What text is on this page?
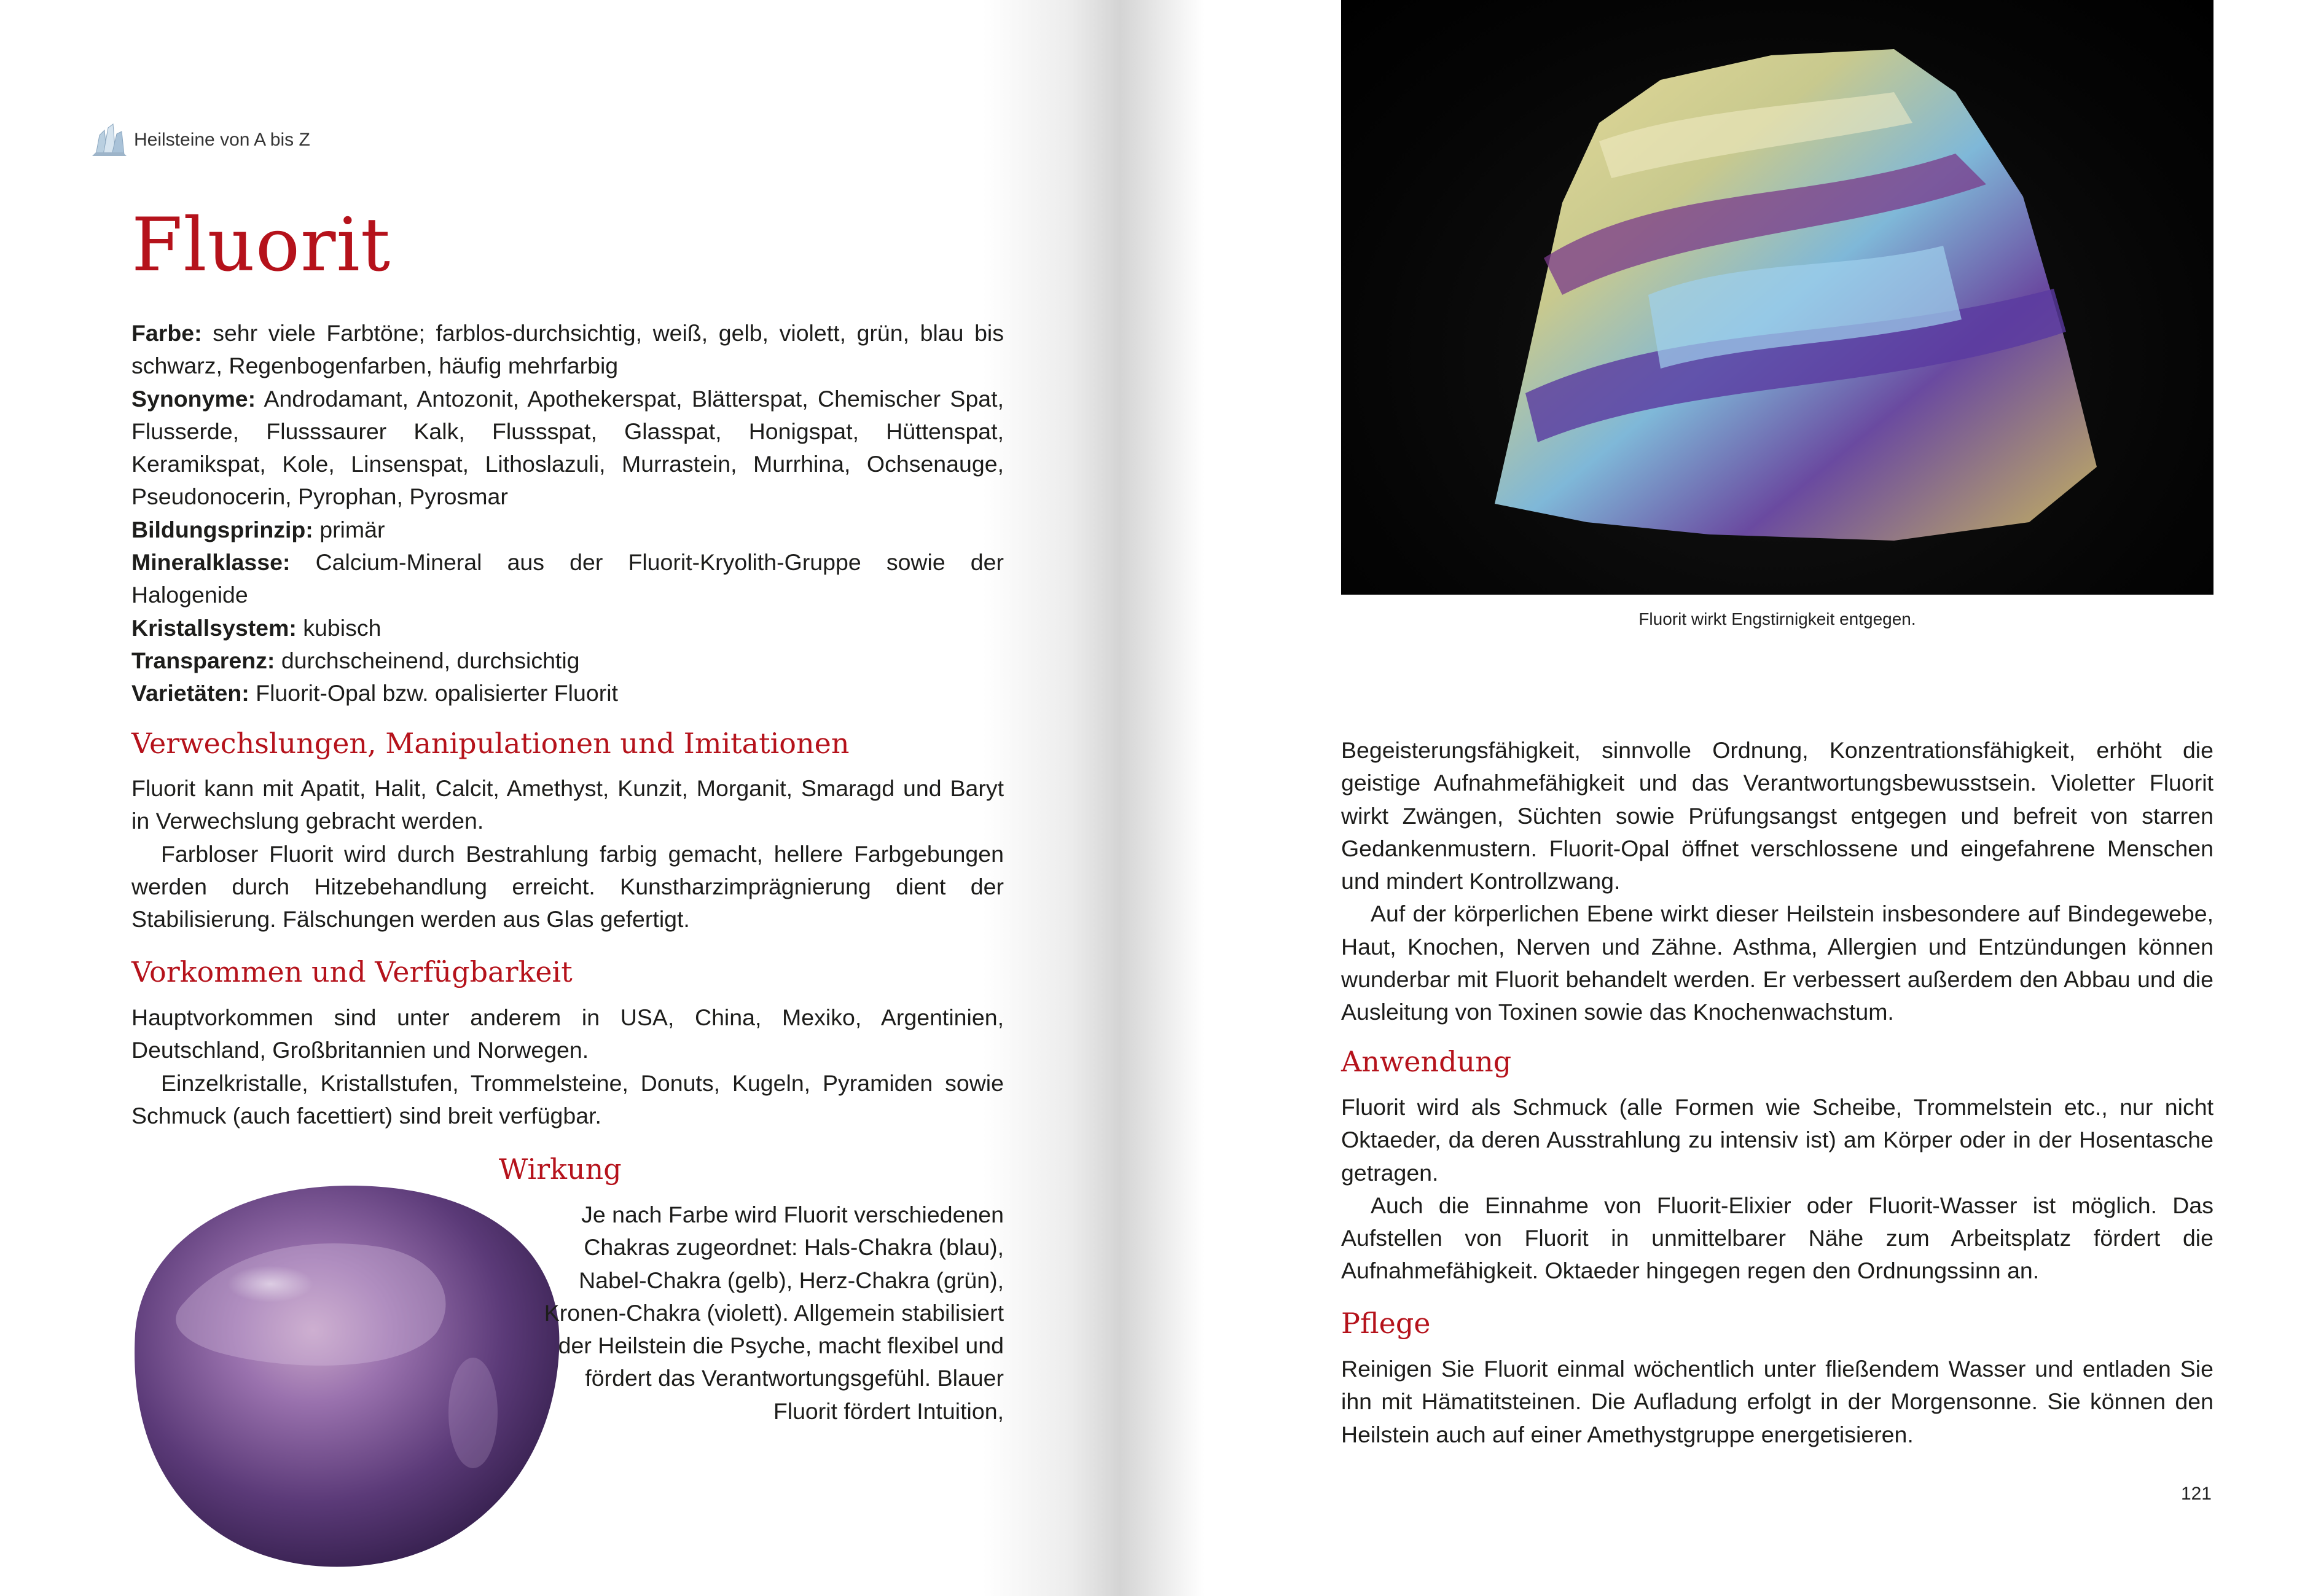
Heilsteine von A bis Z
Fluorit

Farbe: sehr viele Farbtöne; farblos-durchsichtig, weiß, gelb, violett, grün, blau bis schwarz, Regenbogenfarben, häufig mehrfarbig

Synonyme: Androdamant, Antozonit, Apothekerspat, Blätterspat, Chemischer Spat, Flusserde, Flusssaurer Kalk, Flussspat, Glasspat, Honigspat, Hüttenspat, Keramikspat, Kole, Linsenspat, Lithoslazuli, Murrastein, Murrhina, Ochsenauge, Pseudonocerin, Pyrophan, Pyrosmar

Bildungsprinzip: primär

Mineralklasse: Calcium-Mineral aus der Fluorit-Kryolith-Gruppe sowie der Halogenide

Kristallsystem: kubisch

Transparenz: durchscheinend, durchsichtig

Varietäten: Fluorit-Opal bzw. opalisierter Fluorit

Verwechslungen, Manipulationen und Imitationen

Fluorit kann mit Apatit, Halit, Calcit, Amethyst, Kunzit, Morganit, Smaragd und Baryt in Verwechslung gebracht werden.

Farbloser Fluorit wird durch Bestrahlung farbig gemacht, hellere Farbgebungen werden durch Hitzebehandlung erreicht. Kunstharzimprägnierung dient der Stabilisierung. Fälschungen werden aus Glas gefertigt.

Vorkommen und Verfügbarkeit

Hauptvorkommen sind unter anderem in USA, China, Mexiko, Argentinien, Deutschland, Großbritannien und Norwegen.

Einzelkristalle, Kristallstufen, Trommelsteine, Donuts, Kugeln, Pyramiden sowie Schmuck (auch facettiert) sind breit verfügbar.

Wirkung

Je nach Farbe wird Fluorit verschiedenen Chakras zugeordnet: Hals-Chakra (blau), Nabel-Chakra (gelb), Herz-Chakra (grün), Kronen-Chakra (violett). Allgemein stabilisiert der Heilstein die Psyche, macht flexibel und fördert das Verantwortungsgefühl. Blauer Fluorit fördert Intuition,

Fluorit wirkt Engstirnigkeit entgegen.

Begeisterungsfähigkeit, sinnvolle Ordnung, Konzentrationsfähigkeit, erhöht die geistige Aufnahmefähigkeit und das Verantwortungsbewusstsein. Violetter Fluorit wirkt Zwängen, Süchten sowie Prüfungsangst entgegen und befreit von starren Gedankenmustern. Fluorit-Opal öffnet verschlossene und eingefahrene Menschen und mindert Kontrollzwang.

Auf der körperlichen Ebene wirkt dieser Heilstein insbesondere auf Bindegewebe, Haut, Knochen, Nerven und Zähne. Asthma, Allergien und Entzündungen können wunderbar mit Fluorit behandelt werden. Er verbessert außerdem den Abbau und die Ausleitung von Toxinen sowie das Knochenwachstum.

Anwendung

Fluorit wird als Schmuck (alle Formen wie Scheibe, Trommelstein etc., nur nicht Oktaeder, da deren Ausstrahlung zu intensiv ist) am Körper oder in der Hosentasche getragen.

Auch die Einnahme von Fluorit-Elixier oder Fluorit-Wasser ist möglich. Das Aufstellen von Fluorit in unmittelbarer Nähe zum Arbeitsplatz fördert die Aufnahmefähigkeit. Oktaeder hingegen regen den Ordnungssinn an.

Pflege

Reinigen Sie Fluorit einmal wöchentlich unter fließendem Wasser und entladen Sie ihn mit Hämatitsteinen. Die Aufladung erfolgt in der Morgensonne. Sie können den Heilstein auch auf einer Amethystgruppe energetisieren.

121
